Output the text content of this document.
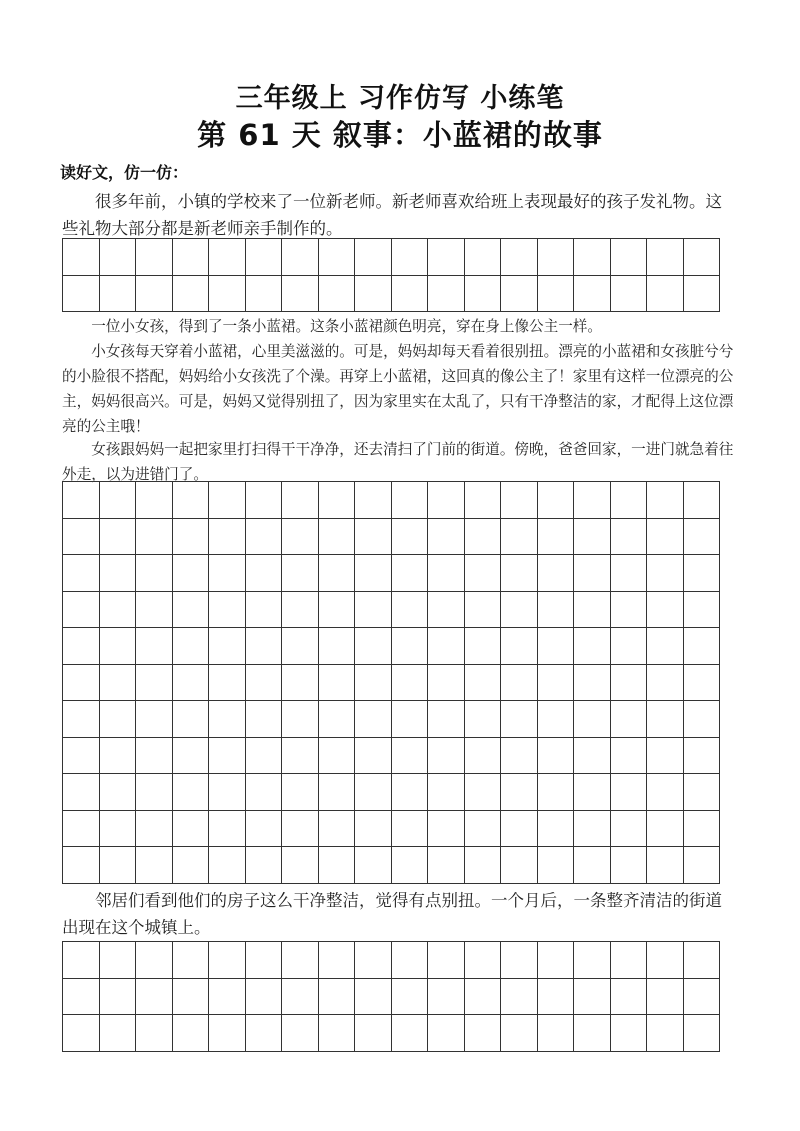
三年级上 习作仿写 小练笔
第 61 天 叙事：小蓝裙的故事
读好文，仿一仿：

　　很多年前，小镇的学校来了一位新老师。新老师喜欢给班上表现最好的孩子发礼物。这些礼物大部分都是新老师亲手制作的。

　　一位小女孩，得到了一条小蓝裙。这条小蓝裙颜色明亮，穿在身上像公主一样。

　　小女孩每天穿着小蓝裙，心里美滋滋的。可是，妈妈却每天看着很别扭。漂亮的小蓝裙和女孩脏兮兮的小脸很不搭配，妈妈给小女孩洗了个澡。再穿上小蓝裙，这回真的像公主了！家里有这样一位漂亮的公主，妈妈很高兴。可是，妈妈又觉得别扭了，因为家里实在太乱了，只有干净整洁的家，才配得上这位漂亮的公主哦！

　　女孩跟妈妈一起把家里打扫得干干净净，还去清扫了门前的街道。傍晚，爸爸回家，一进门就急着往外走，以为进错门了。

　　邻居们看到他们的房子这么干净整洁，觉得有点别扭。一个月后，一条整齐清洁的街道出现在这个城镇上。
